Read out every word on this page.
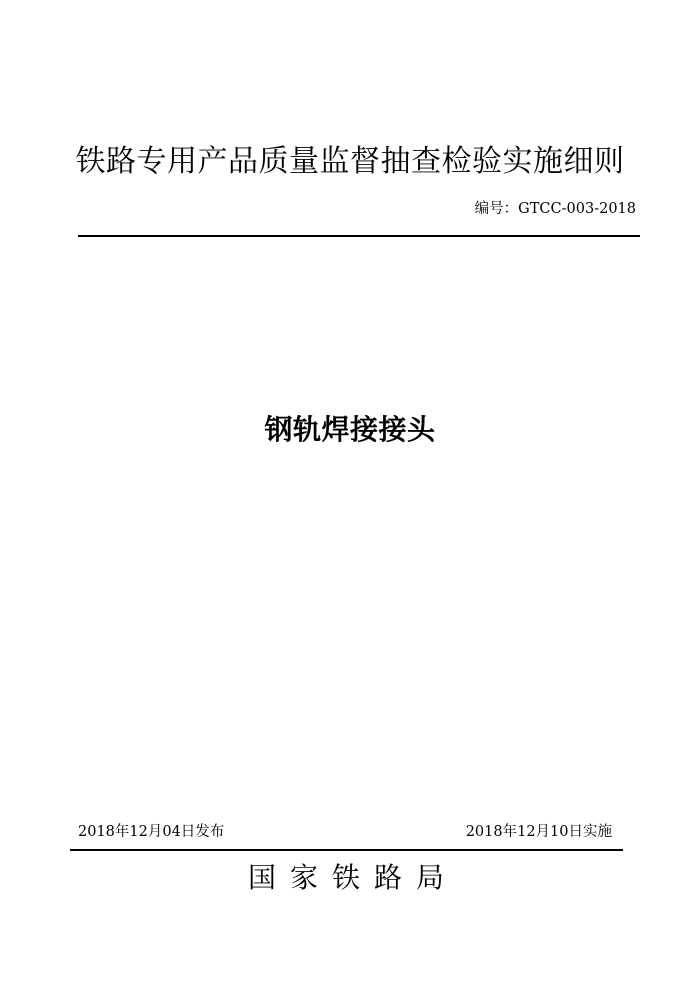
铁路专用产品质量监督抽查检验实施细则
编号：GTCC-003-2018
钢轨焊接接头
2018年12月04日发布	2018年12月10日实施
国家铁路局
